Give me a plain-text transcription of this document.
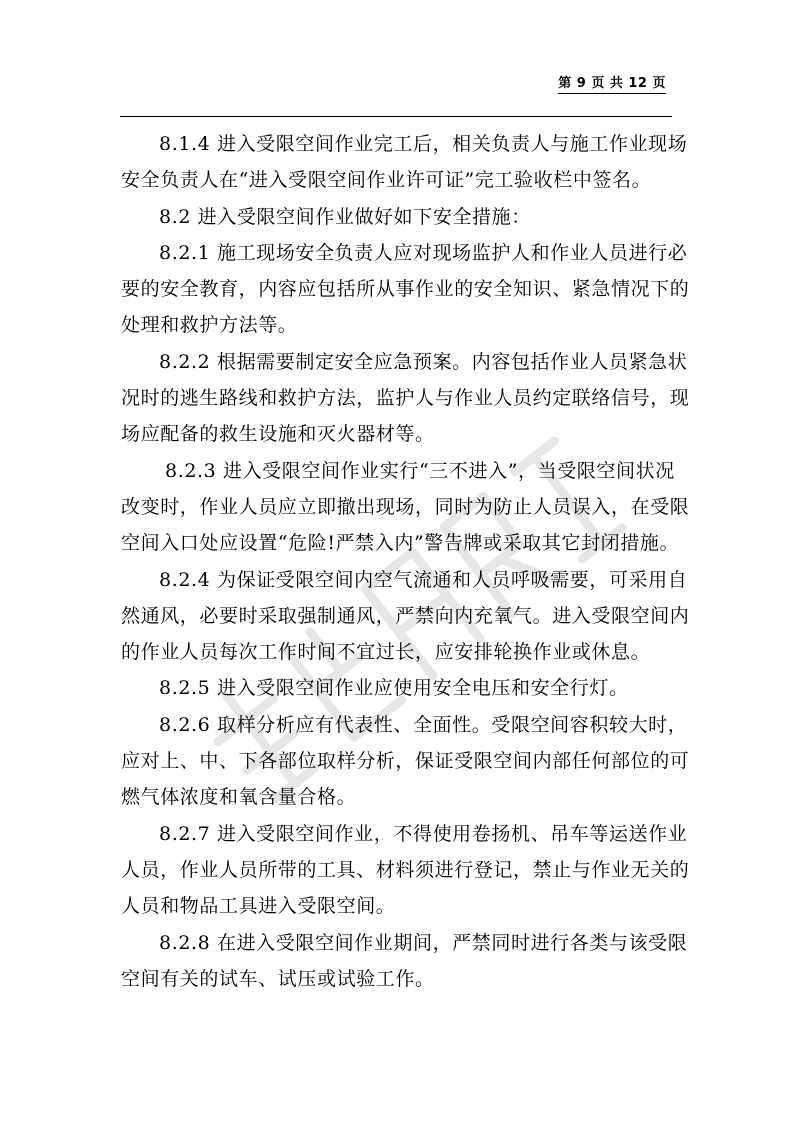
第 9 页 共 12 页

8.1.4 进入受限空间作业完工后，相关负责人与施工作业现场
安全负责人在“进入受限空间作业许可证”完工验收栏中签名。

8.2 进入受限空间作业做好如下安全措施：

8.2.1 施工现场安全负责人应对现场监护人和作业人员进行必
要的安全教育，内容应包括所从事作业的安全知识、紧急情况下的
处理和救护方法等。

8.2.2 根据需要制定安全应急预案。内容包括作业人员紧急状
况时的逃生路线和救护方法，监护人与作业人员约定联络信号，现
场应配备的救生设施和灭火器材等。

8.2.3 进入受限空间作业实行“三不进入”，当受限空间状况
改变时，作业人员应立即撤出现场，同时为防止人员误入，在受限
空间入口处应设置“危险!严禁入内”警告牌或采取其它封闭措施。

8.2.4 为保证受限空间内空气流通和人员呼吸需要，可采用自
然通风，必要时采取强制通风，严禁向内充氧气。进入受限空间内
的作业人员每次工作时间不宜过长，应安排轮换作业或休息。

8.2.5 进入受限空间作业应使用安全电压和安全行灯。

8.2.6 取样分析应有代表性、全面性。受限空间容积较大时，
应对上、中、下各部位取样分析，保证受限空间内部任何部位的可
燃气体浓度和氧含量合格。

8.2.7 进入受限空间作业，不得使用卷扬机、吊车等运送作业
人员，作业人员所带的工具、材料须进行登记，禁止与作业无关的
人员和物品工具进入受限空间。

8.2.8 在进入受限空间作业期间，严禁同时进行各类与该受限
空间有关的试车、试压或试验工作。
